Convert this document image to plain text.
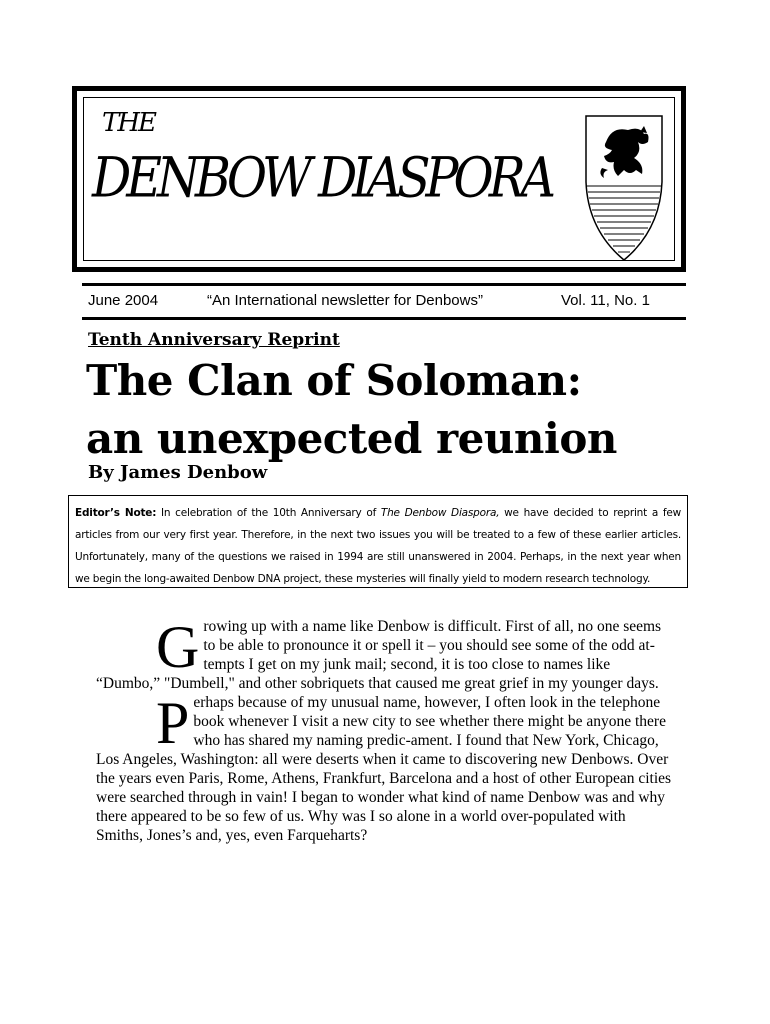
THE
DENBOW DIASPORA
June 2004	“An International newsletter for Denbows”	Vol. 11, No. 1
Tenth Anniversary Reprint
The Clan of Soloman:
an unexpected reunion
By James Denbow
Editor’s Note: In celebration of the 10th Anniversary of The Denbow Diaspora, we have decided to reprint a few articles from our very first year. Therefore, in the next two issues you will be treated to a few of these earlier articles. Unfortunately, many of the questions we raised in 1994 are still unanswered in 2004. Perhaps, in the next year when we begin the long-awaited Denbow DNA project, these mysteries will finally yield to modern research technology.

Growing up with a name like Denbow is difficult. First of all, no one seems to be able to pronounce it or spell it – you should see some of the odd at-tempts I get on my junk mail; second, it is too close to names like “Dumbo,” "Dumbell," and other sobriquets that caused me great grief in my younger days.

Perhaps because of my unusual name, however, I often look in the telephone book whenever I visit a new city to see whether there might be anyone there who has shared my naming predic-ament. I found that New York, Chicago, Los Angeles, Washington: all were deserts when it came to discovering new Denbows. Over the years even Paris, Rome, Athens, Frankfurt, Barcelona and a host of other European cities were searched through in vain! I began to wonder what kind of name Denbow was and why there appeared to be so few of us. Why was I so alone in a world over-populated with Smiths, Jones’s and, yes, even Farqueharts?
